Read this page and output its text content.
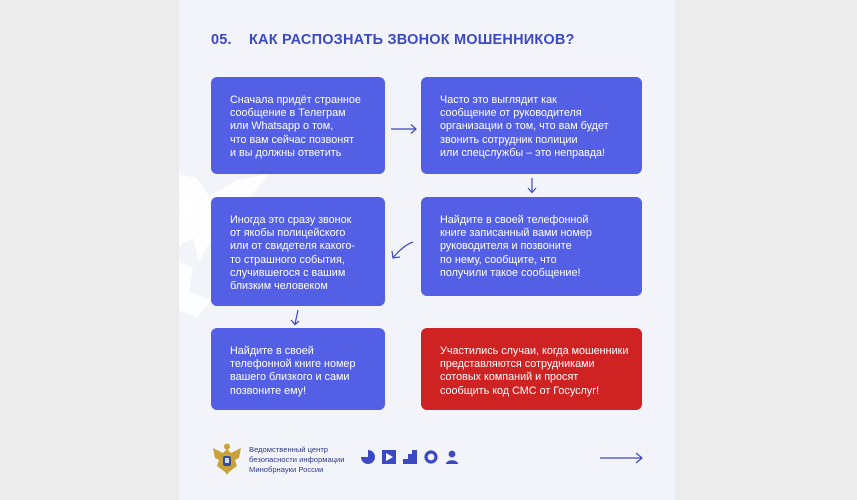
05. КАК РАСПОЗНАТЬ ЗВОНОК МОШЕННИКОВ?
Сначала придёт странное
сообщение в Телеграм
или Whatsapp о том,
что вам сейчас позвонят
и вы должны ответить
Часто это выглядит как
сообщение от руководителя
организации о том, что вам будет
звонить сотрудник полиции
или спецслужбы – это неправда!
Иногда это сразу звонок
от якобы полицейского
или от свидетеля какого-
то страшного события,
случившегося с вашим
близким человеком
Найдите в своей телефонной
книге записанный вами номер
руководителя и позвоните
по нему, сообщите, что
получили такое сообщение!
Найдите в своей
телефонной книге номер
вашего близкого и сами
позвоните ему!
Участились случаи, когда мошенники
представляются сотрудниками
сотовых компаний и просят
сообщить код СМС от Госуслуг!
Ведомственный центр
безопасности информации
Минобрнауки России
